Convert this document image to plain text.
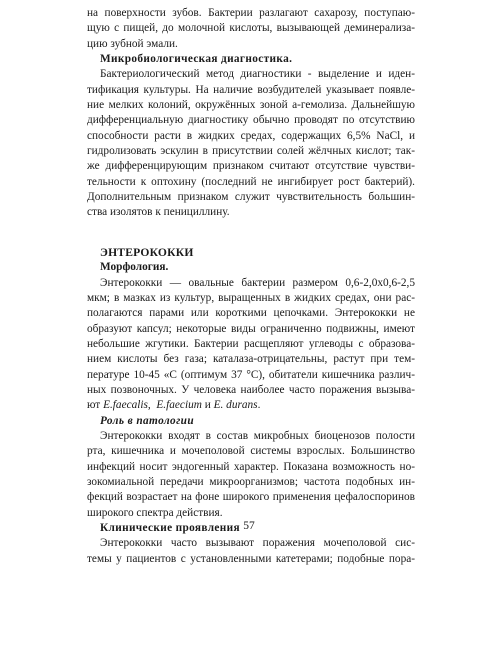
на поверхности зубов. Бактерии разлагают сахарозу, поступаю-
щую с пищей, до молочной кислоты, вызывающей деминерализа-
цию зубной эмали.
Микробиологическая диагностика.
Бактериологический метод диагностики - выделение и иден-
тификация культуры. На наличие возбудителей указывает появле-
ние мелких колоний, окружённых зоной a-гемолиза. Дальнейшую
дифференциальную диагностику обычно проводят по отсутствию
способности расти в жидких средах, содержащих 6,5% NaCl, и
гидролизовать эскулин в присутствии солей жёлчных кислот; так-
же дифференцирующим признаком считают отсутствие чувстви-
тельности к оптохину (последний не ингибирует рост бактерий).
Дополнительным признаком служит чувствительность большин-
ства изолятов к пенициллину.
ЭНТЕРОКОККИ
Морфология.
Энтерококки — овальные бактерии размером 0,6-2,0х0,6-2,5
мкм; в мазках из культур, выращенных в жидких средах, они рас-
полагаются парами или короткими цепочками. Энтерококки не
образуют капсул; некоторые виды ограниченно подвижны, имеют
небольшие жгутики. Бактерии расщепляют углеводы с образова-
нием кислоты без газа; каталаза-отрицательны, растут при тем-
пературе 10-45 «С (оптимум 37 °С), обитатели кишечника различ-
ных позвоночных. У человека наиболее часто поражения вызыва-
ют E.faecalis, E.faecium и E. durans.
Роль в патологии
Энтерококки входят в состав микробных биоценозов полости
рта, кишечника и мочеполовой системы взрослых. Большинство
инфекций носит эндогенный характер. Показана возможность но-
зокомиальной передачи микроорганизмов; частота подобных ин-
фекций возрастает на фоне широкого применения цефалоспоринов
широкого спектра действия.
Клинические проявления
Энтерококки часто вызывают поражения мочеполовой сис-
темы у пациентов с установленными катетерами; подобные пора-
57
